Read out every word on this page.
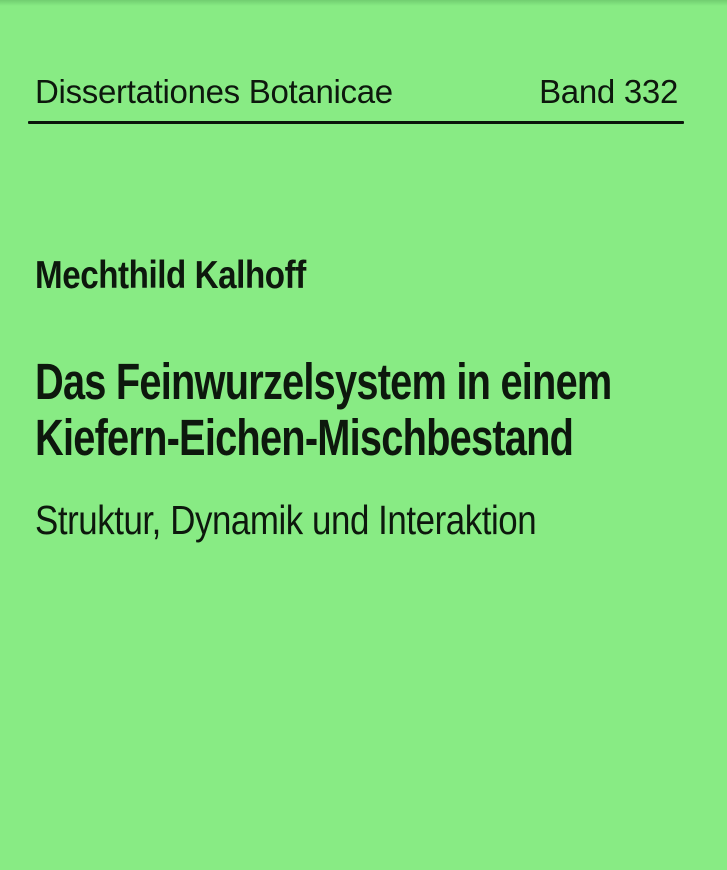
Dissertationes Botanicae	Band 332
Mechthild Kalhoff
Das Feinwurzelsystem in einem
Kiefern-Eichen-Mischbestand
Struktur, Dynamik und Interaktion
